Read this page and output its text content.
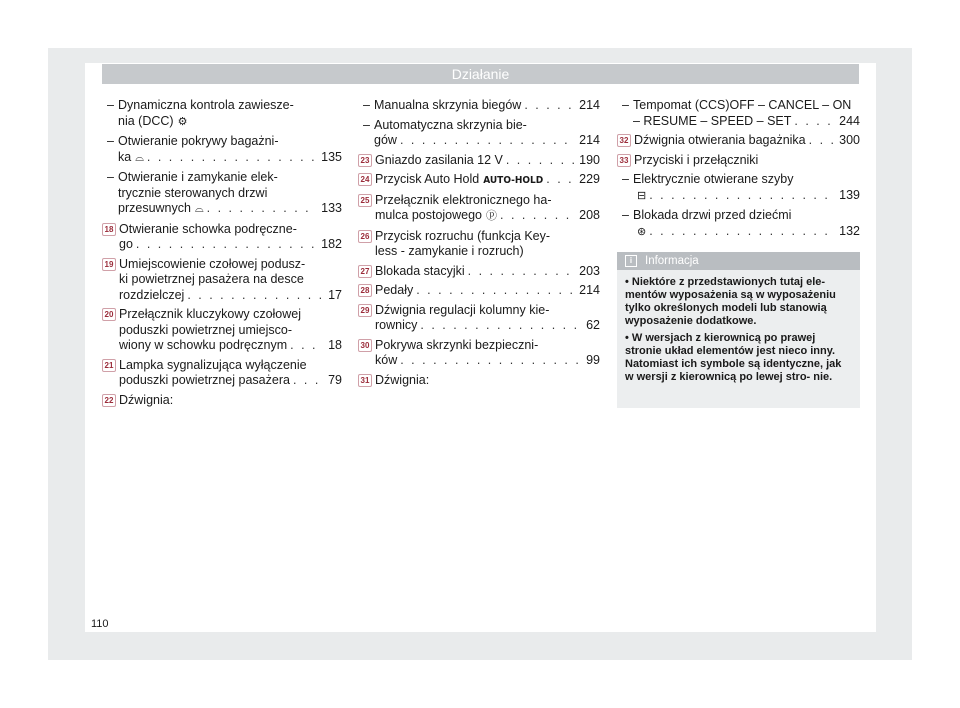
Działanie
– Dynamiczna kontrola zawiesze-
nia (DCC) ⚙
– Otwieranie pokrywy bagażni-
ka ⌓ . . .	135
– Otwieranie i zamykanie elek-
trycznie sterowanych drzwi
przesuwnych ⌓ . . .	133
18 Otwieranie schowka podręczne-
go . . .	182
19 Umiejscowienie czołowej podusz-
ki powietrznej pasażera na desce
rozdzielczej . . .	17
20 Przełącznik kluczykowy czołowej
poduszki powietrznej umiejsco-
wiony w schowku podręcznym . . .	18
21 Lampka sygnalizująca wyłączenie
poduszki powietrznej pasażera . . .	79
22 Dźwignia:
– Manualna skrzynia biegów . . .	214
– Automatyczna skrzynia bie-
gów . . .	214
23 Gniazdo zasilania 12 V . . .	190
24 Przycisk Auto Hold AUTO-HOLD . . .	229
25 Przełącznik elektronicznego ha-
mulca postojowego ⓟ . . .	208
26 Przycisk rozruchu (funkcja Key-
less - zamykanie i rozruch)
27 Blokada stacyjki . . .	203
28 Pedały . . .	214
29 Dźwignia regulacji kolumny kie-
rownicy . . .	62
30 Pokrywa skrzynki bezpieczni-
ków . . .	99
31 Dźwignia:
– Tempomat (CCS)OFF – CANCEL – ON
– RESUME – SPEED – SET . . .	244
32 Dźwignia otwierania bagażnika . . .	300
33 Przyciski i przełączniki
– Elektrycznie otwierane szyby
⊟ . . .	139
– Blokada drzwi przed dziećmi
⊛ . . .	132
i	Informacja

• Niektóre z przedstawionych tutaj ele- mentów wyposażenia są w wyposażeniu tylko określonych modeli lub stanowią wyposażenie dodatkowe.

• W wersjach z kierownicą po prawej stronie układ elementów jest nieco inny. Natomiast ich symbole są identyczne, jak w wersji z kierownicą po lewej stro- nie.

110
